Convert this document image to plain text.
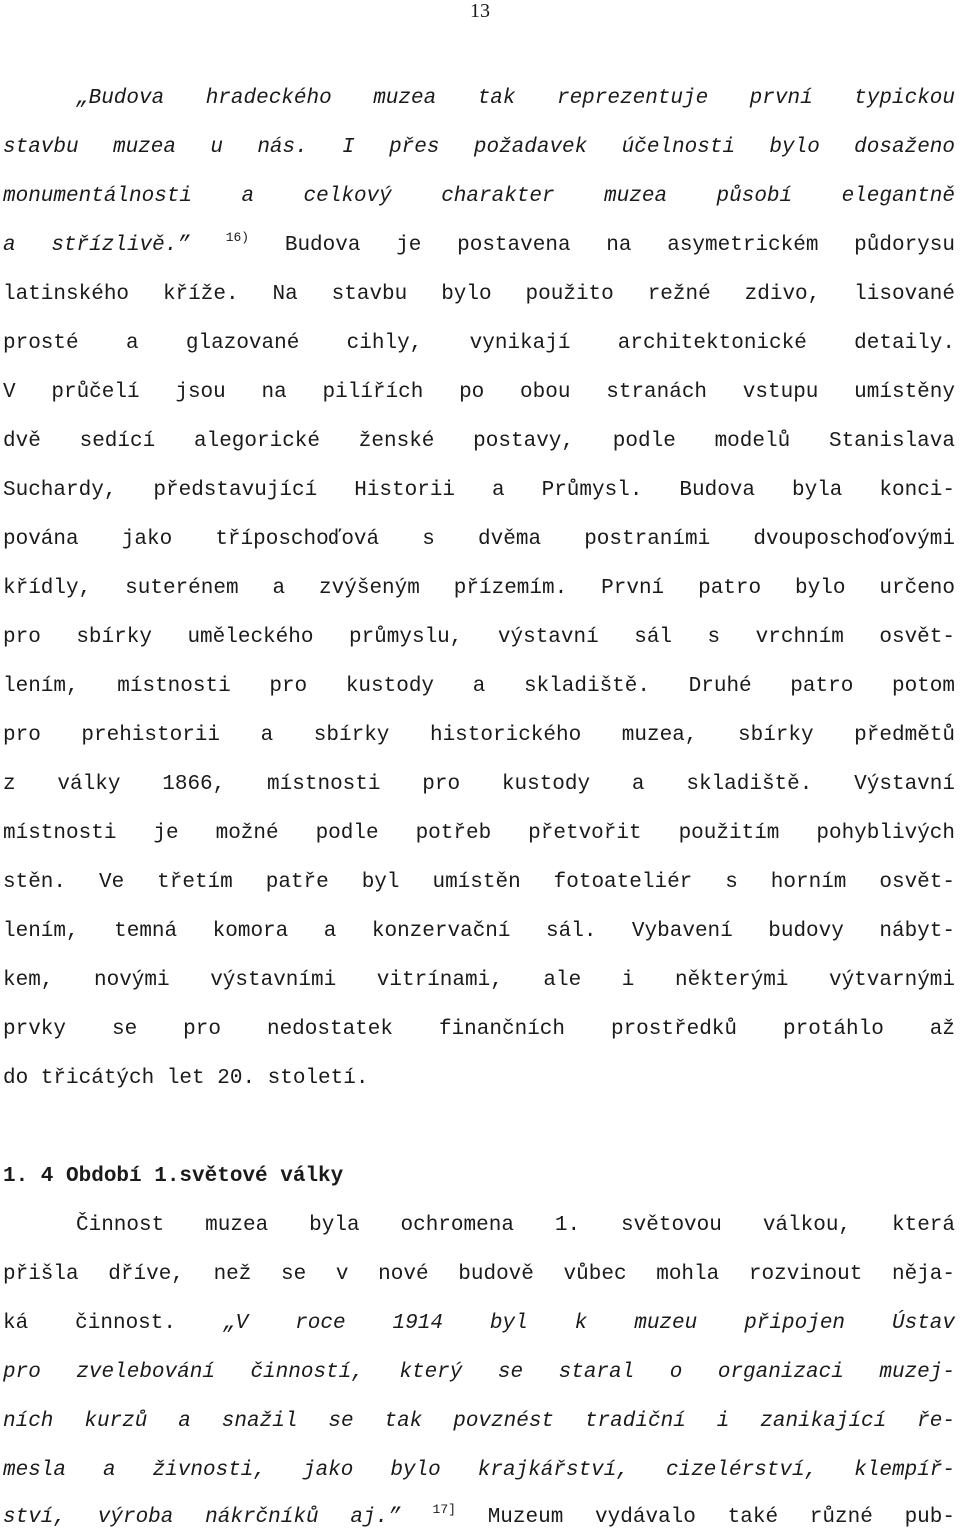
13
„Budova hradeckého muzea tak reprezentuje první typickou
stavbu muzea u nás. I přes požadavek účelnosti bylo dosaženo
monumentálnosti a celkový charakter muzea působí elegantně
a střízlivě.”	$^{16)}$ Budova je postavena na asymetrickém půdorysu
latinského kříže. Na stavbu bylo použito režné zdivo, lisované
prosté a glazované cihly, vynikají architektonické detaily.
V průčelí jsou na pilířích po obou stranách vstupu umístěny
dvě sedící alegorické ženské postavy, podle modelů Stanislava
Suchardy, představující Historii a Průmysl. Budova byla konci-
pována jako tříposchoďová s dvěma postraními dvouposchoďovými
křídly, suterénem a zvýšeným přízemím. První patro bylo určeno
pro sbírky uměleckého průmyslu, výstavní sál s vrchním osvět-
lením, místnosti pro kustody a skladiště. Druhé patro potom
pro prehistorii a sbírky historického muzea, sbírky předmětů
z války 1866, místnosti pro kustody a skladiště. Výstavní
místnosti je možné podle potřeb přetvořit použitím pohyblivých
stěn. Ve třetím patře byl umístěn fotoateliér s horním osvět-
lením, temná komora a konzervační sál. Vybavení budovy nábyt-
kem, novými výstavními vitrínami, ale i některými výtvarnými
prvky se pro nedostatek finančních prostředků protáhlo až
do třicátých let 20. století.
1. 4 Období 1.světové války
Činnost muzea byla ochromena 1. světovou válkou, která
přišla dříve, než se v nové budově vůbec mohla rozvinout něja-
ká činnost. „V roce 1914 byl k muzeu připojen Ústav
pro zvelebování činností, který se staral o organizaci muzej-
ních kurzů a snažil se tak povznést tradiční i zanikající ře-
mesla a živnosti, jako bylo krajkářství, cizelérství, klempíř-
ství, výroba nákrčníků aj.” $^{17]}$ Muzeum vydávalo také různé pub-
